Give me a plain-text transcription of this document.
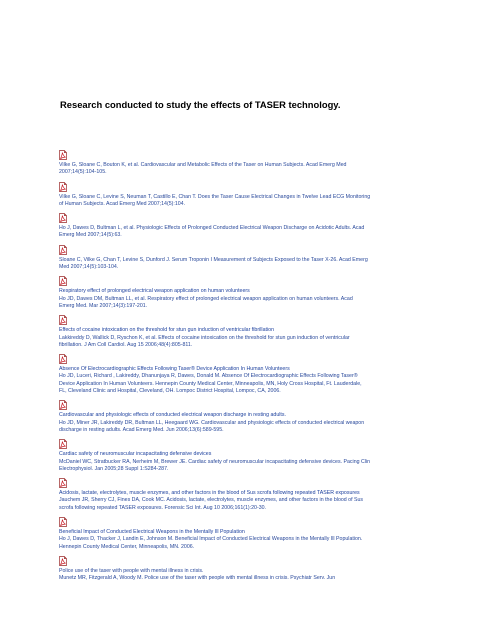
Research conducted to study the effects of TASER technology.
Vilke G, Sloane C, Bouton K, et al. Cardiovascular and Metabolic Effects of the Taser on Human Subjects. Acad Emerg Med
2007;14(5):104-105.
Vilke G, Sloane C, Levine S, Neuman T, Castillo E, Chan T. Does the Taser Cause Electrical Changes in Twelve Lead ECG Monitoring
of Human Subjects. Acad Emerg Med 2007;14(5):104.
Ho J, Dawes D, Bultman L, et al. Physiologic Effects of Prolonged Conducted Electrical Weapon Discharge on Acidotic Adults. Acad
Emerg Med 2007;14(5):63.
Sloane C, Vilke G, Chan T, Levine S, Dunford J. Serum Troponin I Measurement of Subjects Exposed to the Taser X-26. Acad Emerg
Med 2007;14(5):103-104.
Respiratory effect of prolonged electrical weapon application on human volunteers
Ho JD, Dawes DM, Bultman LL, et al. Respiratory effect of prolonged electrical weapon application on human volunteers. Acad
Emerg Med. Mar 2007;14(3):197-201.
Effects of cocaine intoxication on the threshold for stun gun induction of ventricular fibrillation
Lakkireddy D, Wallick D, Ryschon K, et al. Effects of cocaine intoxication on the threshold for stun gun induction of ventricular
fibrillation. J Am Coll Cardiol. Aug 15 2006;48(4):805-811.
Absence Of Electrocardiographic Effects Following Taser® Device Application In Human Volunteers
Ho JD, Luceri, Richard , Lakireddy, Dhanunjaya R, Dawes, Donald M. Absence Of Electrocardiographic Effects Following Taser®
Device Application In Human Volunteers. Hennepin County Medical Center, Minneapolis, MN, Holy Cross Hospital, Ft. Lauderdale,
FL, Cleveland Clinic and Hospital, Cleveland, OH. Lompoc District Hospital, Lompoc, CA, 2006.
Cardiovascular and physiologic effects of conducted electrical weapon discharge in resting adults.
Ho JD, Miner JR, Lakireddy DR, Bultman LL, Heegaard WG. Cardiovascular and physiologic effects of conducted electrical weapon
discharge in resting adults. Acad Emerg Med. Jun 2006;13(6):589-595.
Cardiac safety of neuromuscular incapacitating defensive devices
McDaniel WC, Stratbucker RA, Nerheim M, Brewer JE. Cardiac safety of neuromuscular incapacitating defensive devices. Pacing Clin
Electrophysiol. Jan 2005;28 Suppl 1:S284-287.
Acidosis, lactate, electrolytes, muscle enzymes, and other factors in the blood of Sus scrofa following repeated TASER exposures
Jauchem JR, Sherry CJ, Fines DA, Cook MC. Acidosis, lactate, electrolytes, muscle enzymes, and other factors in the blood of Sus
scrofa following repeated TASER exposures. Forensic Sci Int. Aug 10 2006;161(1):20-30.
Beneficial Impact of Conducted Electrical Weapons in the Mentally Ill Population
Ho J, Dawes D, Thacker J, Landin E, Johnson M. Beneficial Impact of Conducted Electrical Weapons in the Mentally Ill Population.
Hennepin County Medical Center, Minneapolis, MN. 2006.
Police use of the taser with people with mental illness in crisis.
Munetz MR, Fitzgerald A, Woody M. Police use of the taser with people with mental illness in crisis. Psychiatr Serv. Jun
